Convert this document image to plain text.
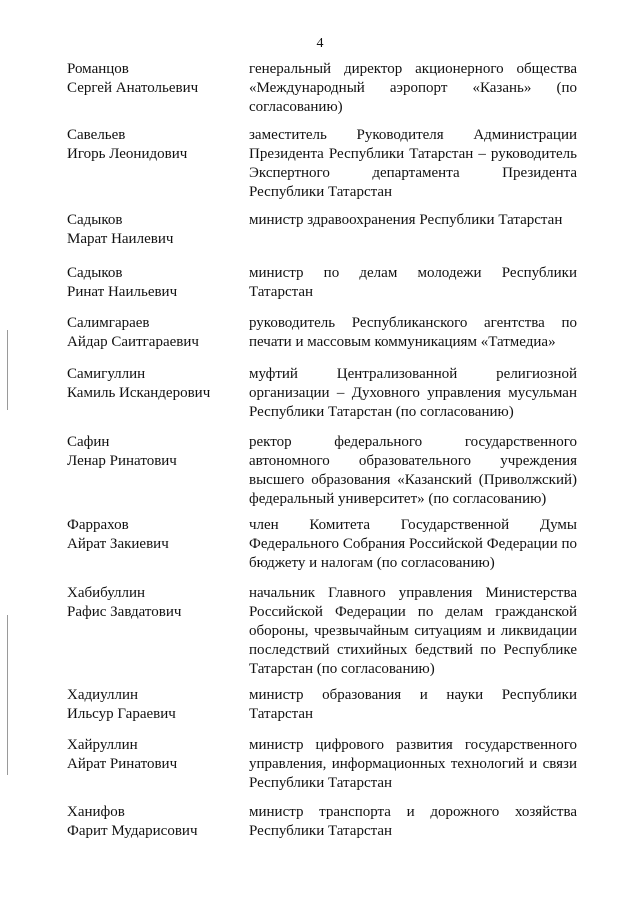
4
Романцов
Сергей Анатольевич
генеральный директор акционерного общества «Международный аэропорт «Казань» (по согласованию)
Савельев
Игорь Леонидович
заместитель Руководителя Администрации Президента Республики Татарстан – руководитель Экспертного департамента Президента Республики Татарстан
Садыков
Марат Наилевич
министр здравоохранения Республики Татарстан
Садыков
Ринат Наильевич
министр по делам молодежи Республики Татарстан
Салимгараев
Айдар Саитгараевич
руководитель Республиканского агентства по печати и массовым коммуникациям «Татмедиа»
Самигуллин
Камиль Искандерович
муфтий Централизованной религиозной организации – Духовного управления мусульман Республики Татарстан (по согласованию)
Сафин
Ленар Ринатович
ректор федерального государственного автономного образовательного учреждения высшего образования «Казанский (Приволжский) федеральный университет» (по согласованию)
Фаррахов
Айрат Закиевич
член Комитета Государственной Думы Федерального Собрания Российской Федерации по бюджету и налогам (по согласованию)
Хабибуллин
Рафис Завдатович
начальник Главного управления Министерства Российской Федерации по делам гражданской обороны, чрезвычайным ситуациям и ликвидации последствий стихийных бедствий по Республике Татарстан (по согласованию)
Хадиуллин
Ильсур Гараевич
министр образования и науки Республики Татарстан
Хайруллин
Айрат Ринатович
министр цифрового развития государственного управления, информационных технологий и связи Республики Татарстан
Ханифов
Фарит Мударисович
министр транспорта и дорожного хозяйства Республики Татарстан
